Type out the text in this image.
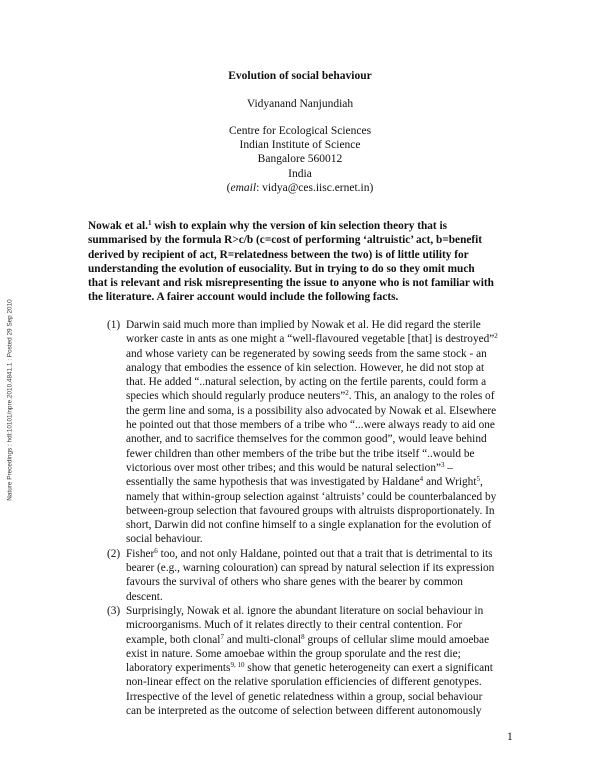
Nature Precedings : hdl:10101/npre.2010.4841.1 : Posted 29 Sep 2010
Evolution of social behaviour
Vidyanand Nanjundiah
Centre for Ecological Sciences
Indian Institute of Science
Bangalore 560012
India
(email: vidya@ces.iisc.ernet.in)
Nowak et al.$^1$ wish to explain why the version of kin selection theory that is
summarised by the formula R>c/b (c=cost of performing ‘altruistic’ act, b=benefit
derived by recipient of act, R=relatedness between the two) is of little utility for
understanding the evolution of eusociality. But in trying to do so they omit much
that is relevant and risk misrepresenting the issue to anyone who is not familiar with
the literature. A fairer account would include the following facts.
(1) Darwin said much more than implied by Nowak et al. He did regard the sterile
worker caste in ants as one might a “well-flavoured vegetable [that] is destroyed”$^2$
and whose variety can be regenerated by sowing seeds from the same stock - an
analogy that embodies the essence of kin selection. However, he did not stop at
that. He added “..natural selection, by acting on the fertile parents, could form a
species which should regularly produce neuters”$^2$. This, an analogy to the roles of
the germ line and soma, is a possibility also advocated by Nowak et al. Elsewhere
he pointed out that those members of a tribe who “...were always ready to aid one
another, and to sacrifice themselves for the common good”, would leave behind
fewer children than other members of the tribe but the tribe itself “..would be
victorious over most other tribes; and this would be natural selection”$^3$ –
essentially the same hypothesis that was investigated by Haldane$^4$ and Wright$^5$,
namely that within-group selection against ‘altruists’ could be counterbalanced by
between-group selection that favoured groups with altruists disproportionately. In
short, Darwin did not confine himself to a single explanation for the evolution of
social behaviour.
(2) Fisher$^6$ too, and not only Haldane, pointed out that a trait that is detrimental to its
bearer (e.g., warning colouration) can spread by natural selection if its expression
favours the survival of others who share genes with the bearer by common
descent.
(3) Surprisingly, Nowak et al. ignore the abundant literature on social behaviour in
microorganisms. Much of it relates directly to their central contention. For
example, both clonal$^7$ and multi-clonal$^8$ groups of cellular slime mould amoebae
exist in nature. Some amoebae within the group sporulate and the rest die;
laboratory experiments$^{9, 10}$ show that genetic heterogeneity can exert a significant
non-linear effect on the relative sporulation efficiencies of different genotypes.
Irrespective of the level of genetic relatedness within a group, social behaviour
can be interpreted as the outcome of selection between different autonomously
1
